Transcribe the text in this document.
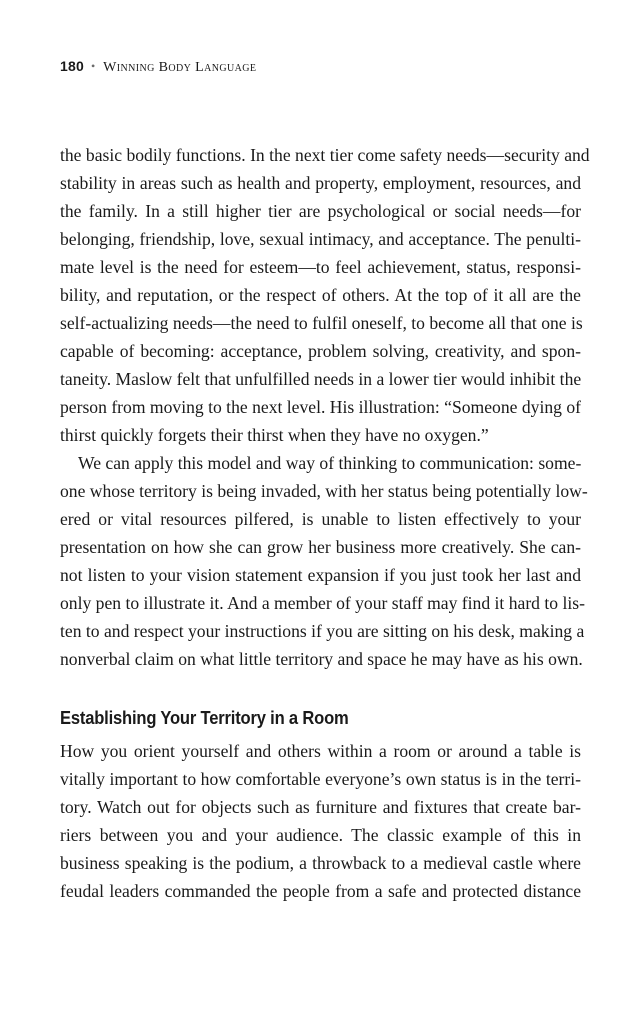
180 • Winning Body Language
the basic bodily functions. In the next tier come safety needs—security and
stability in areas such as health and property, employment, resources, and
the family. In a still higher tier are psychological or social needs—for
belonging, friendship, love, sexual intimacy, and acceptance. The penulti-
mate level is the need for esteem—to feel achievement, status, responsi-
bility, and reputation, or the respect of others. At the top of it all are the
self-actualizing needs—the need to fulfil oneself, to become all that one is
capable of becoming: acceptance, problem solving, creativity, and spon-
taneity. Maslow felt that unfulfilled needs in a lower tier would inhibit the
person from moving to the next level. His illustration: “Someone dying of
thirst quickly forgets their thirst when they have no oxygen.”
We can apply this model and way of thinking to communication: some-
one whose territory is being invaded, with her status being potentially low-
ered or vital resources pilfered, is unable to listen effectively to your
presentation on how she can grow her business more creatively. She can-
not listen to your vision statement expansion if you just took her last and
only pen to illustrate it. And a member of your staff may find it hard to lis-
ten to and respect your instructions if you are sitting on his desk, making a
nonverbal claim on what little territory and space he may have as his own.
Establishing Your Territory in a Room
How you orient yourself and others within a room or around a table is
vitally important to how comfortable everyone’s own status is in the terri-
tory. Watch out for objects such as furniture and fixtures that create bar-
riers between you and your audience. The classic example of this in
business speaking is the podium, a throwback to a medieval castle where
feudal leaders commanded the people from a safe and protected distance
